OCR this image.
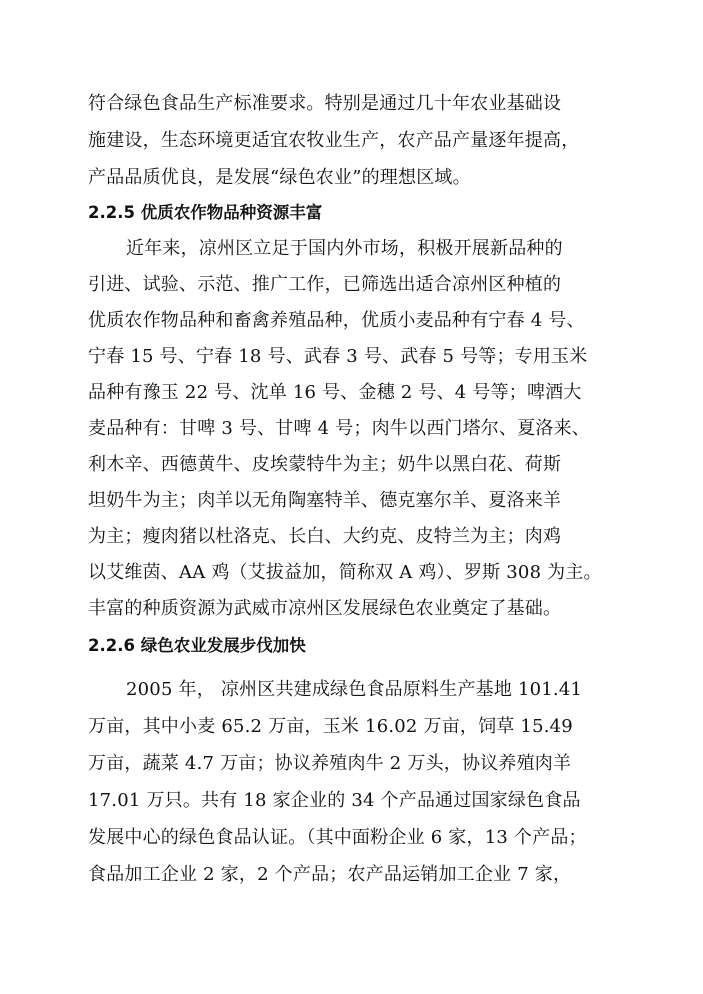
符合绿色食品生产标准要求。特别是通过几十年农业基础设
施建设，生态环境更适宜农牧业生产，农产品产量逐年提高，
产品品质优良，是发展“绿色农业”的理想区域。
2.2.5 优质农作物品种资源丰富
近年来，凉州区立足于国内外市场，积极开展新品种的
引进、试验、示范、推广工作，已筛选出适合凉州区种植的
优质农作物品种和畜禽养殖品种，优质小麦品种有宁春 4 号、
宁春 15 号、宁春 18 号、武春 3 号、武春 5 号等；专用玉米
品种有豫玉 22 号、沈单 16 号、金穗 2 号、4 号等；啤酒大
麦品种有：甘啤 3 号、甘啤 4 号；肉牛以西门塔尔、夏洛来、
利木辛、西德黄牛、皮埃蒙特牛为主；奶牛以黑白花、荷斯
坦奶牛为主；肉羊以无角陶塞特羊、德克塞尔羊、夏洛来羊
为主；瘦肉猪以杜洛克、长白、大约克、皮特兰为主；肉鸡
以艾维茵、AA 鸡（艾拔益加，简称双 A 鸡）、罗斯 308 为主。
丰富的种质资源为武威市凉州区发展绿色农业奠定了基础。
2.2.6 绿色农业发展步伐加快
2005 年， 凉州区共建成绿色食品原料生产基地 101.41
万亩，其中小麦 65.2 万亩，玉米 16.02 万亩，饲草 15.49
万亩，蔬菜 4.7 万亩；协议养殖肉牛 2 万头，协议养殖肉羊
17.01 万只。共有 18 家企业的 34 个产品通过国家绿色食品
发展中心的绿色食品认证。（其中面粉企业 6 家，13 个产品；
食品加工企业 2 家，2 个产品；农产品运销加工企业 7 家，
